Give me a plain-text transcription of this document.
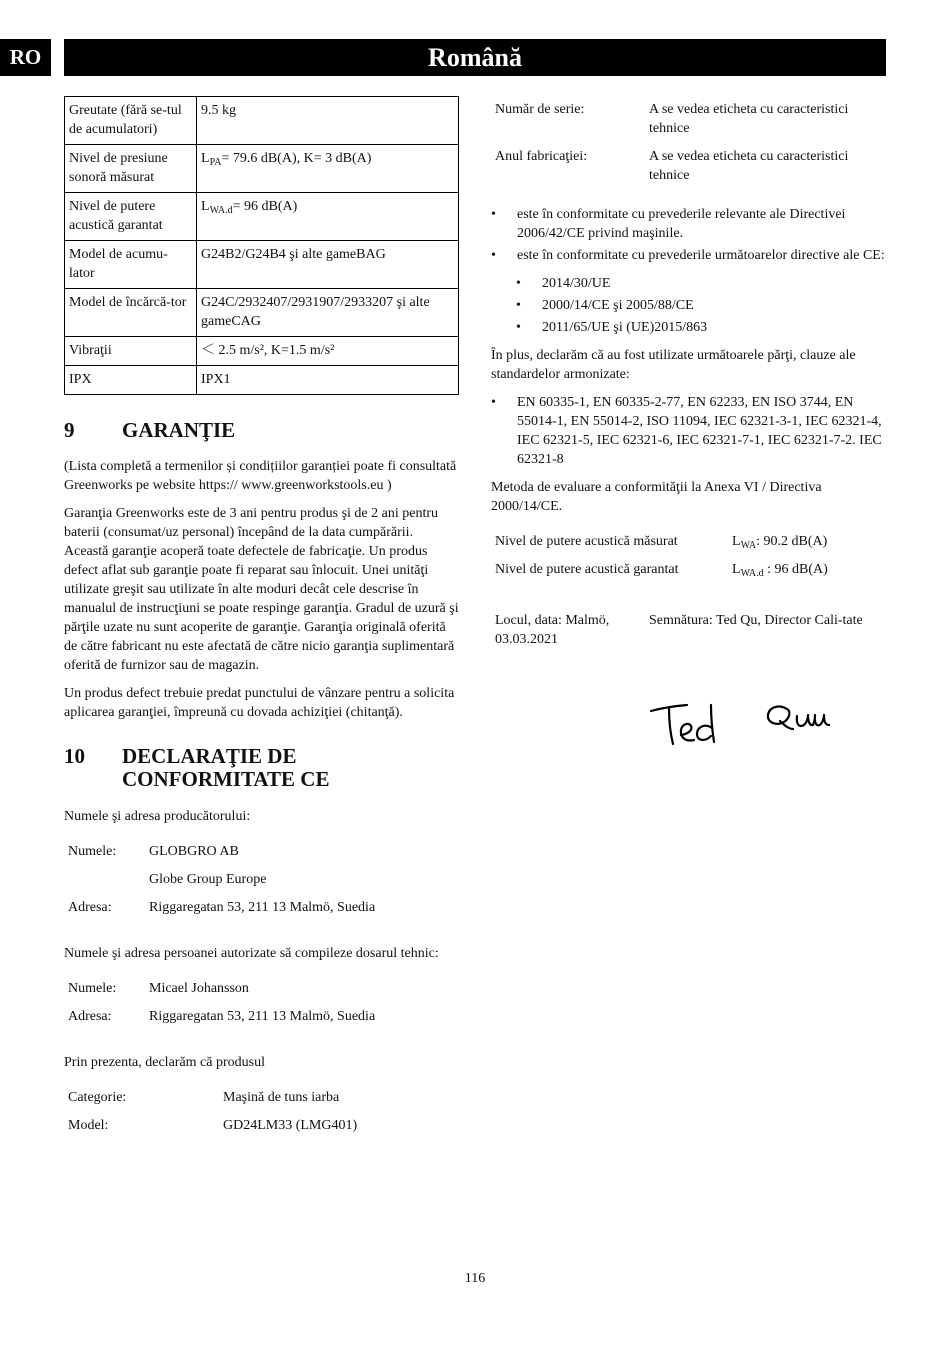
RO	Română
Greutate (fără se-tul de acumulatori)	9.5 kg
Nivel de presiune sonoră măsurat	$L_{PA}= 79.6$ dB(A), K= 3 dB(A)
Nivel de putere acustică garantat	$L_{WA.d}= 96$ dB(A)
Model de acumu-lator	G24B2/G24B4 şi alte gameBAG
Model de încărcă-tor	G24C/2932407/2931907/2933207 şi alte gameCAG
Vibraţii	＜ 2.5 m/s², K=1.5 m/s²
IPX	IPX1
9	GARANŢIE

(Lista completă a termenilor și condițiilor garanției poate fi consultată Greenworks pe website https:// www.greenworkstools.eu )

Garanţia Greenworks este de 3 ani pentru produs şi de 2 ani pentru baterii (consumat/uz personal) începând de la data cumpărării. Această garanţie acoperă toate defectele de fabricaţie. Un produs defect aflat sub garanţie poate fi reparat sau înlocuit. Unei unităţi utilizate greşit sau utilizate în alte moduri decât cele descrise în manualul de instrucţiuni se poate respinge garanţia. Gradul de uzură şi părţile uzate nu sunt acoperite de garanţie. Garanţia originală oferită de către fabricant nu este afectată de către nicio garanţia suplimentară oferită de furnizor sau de magazin.

Un produs defect trebuie predat punctului de vânzare pentru a solicita aplicarea garanţiei, împreună cu dovada achiziţiei (chitanţă).

10	DECLARAŢIE DE
CONFORMITATE CE

Numele şi adresa producătorului:

Numele:	GLOBGRO AB
	Globe Group Europe
Adresa:	Riggaregatan 53, 211 13 Malmö, Suedia

Numele şi adresa persoanei autorizate să compileze dosarul tehnic:

Numele:	Micael Johansson
Adresa:	Riggaregatan 53, 211 13 Malmö, Suedia

Prin prezenta, declarăm că produsul

Categorie:	Maşină de tuns iarba
Model:	GD24LM33 (LMG401)
Număr de serie:	A se vedea eticheta cu caracteristici tehnice
Anul fabricaţiei:	A se vedea eticheta cu caracteristici tehnice
• este în conformitate cu prevederile relevante ale Directivei 2006/42/CE privind maşinile.
• este în conformitate cu prevederile următoarelor directive ale CE:
• 2014/30/UE
• 2000/14/CE şi 2005/88/CE
• 2011/65/UE şi (UE)2015/863

În plus, declarăm că au fost utilizate următoarele părţi, clauze ale standardelor armonizate:

• EN 60335-1, EN 60335-2-77, EN 62233, EN ISO 3744, EN 55014-1, EN 55014-2, ISO 11094, IEC 62321-3-1, IEC 62321-4, IEC 62321-5, IEC 62321-6, IEC 62321-7-1, IEC 62321-7-2. IEC 62321-8

Metoda de evaluare a conformităţii la Anexa VI / Directiva 2000/14/CE.

Nivel de putere acustică măsurat	$L_{WA}$: 90.2 dB(A)
Nivel de putere acustică garantat	$L_{WA.d}$ : 96 dB(A)
Locul, data: Malmö, 03.03.2021	Semnătura: Ted Qu, Director Cali-tate
116
